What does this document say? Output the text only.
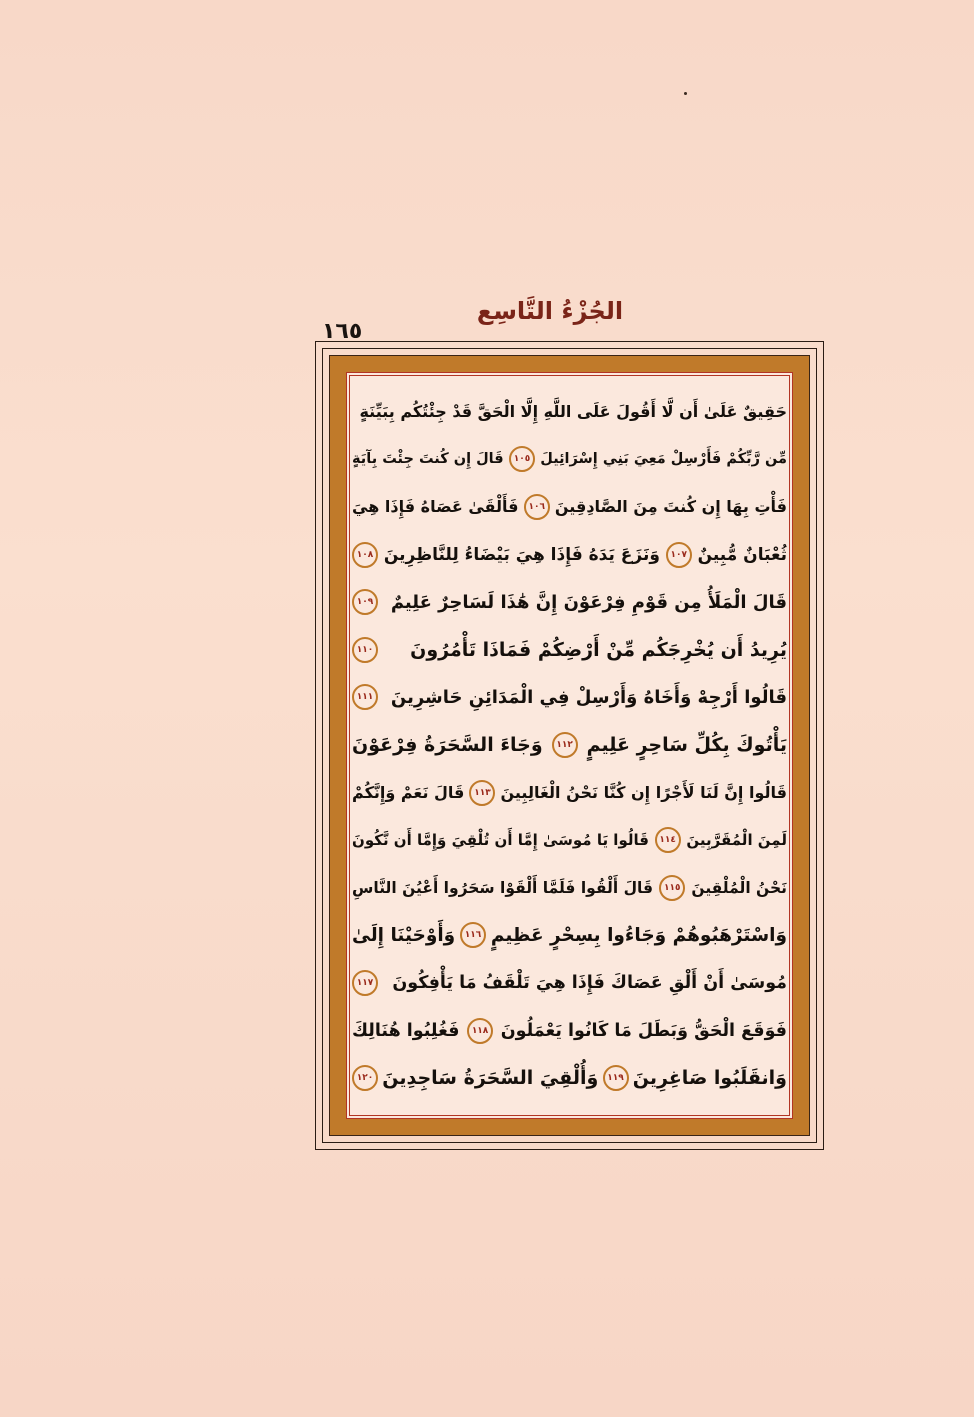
الجُزْءُ التَّاسِع
١٦٥
حَقِيقٌ عَلَىٰ أَن لَّا أَقُولَ عَلَى اللَّهِ إِلَّا الْحَقَّ قَدْ جِئْتُكُم بِبَيِّنَةٍ
مِّن رَّبِّكُمْ فَأَرْسِلْ مَعِيَ بَنِي إِسْرَائِيلَ
١٠٥
قَالَ إِن كُنتَ جِئْتَ بِآيَةٍ
فَأْتِ بِهَا إِن كُنتَ مِنَ الصَّادِقِينَ
١٠٦
فَأَلْقَىٰ عَصَاهُ فَإِذَا هِيَ
ثُعْبَانٌ مُّبِينٌ
١٠٧
وَنَزَعَ يَدَهُ فَإِذَا هِيَ بَيْضَاءُ لِلنَّاظِرِينَ
١٠٨
قَالَ الْمَلَأُ مِن قَوْمِ فِرْعَوْنَ إِنَّ هَٰذَا لَسَاحِرٌ عَلِيمٌ
١٠٩
يُرِيدُ أَن يُخْرِجَكُم مِّنْ أَرْضِكُمْ فَمَاذَا تَأْمُرُونَ
١١٠
قَالُوا أَرْجِهْ وَأَخَاهُ وَأَرْسِلْ فِي الْمَدَائِنِ حَاشِرِينَ
١١١
يَأْتُوكَ بِكُلِّ سَاحِرٍ عَلِيمٍ
١١٢
وَجَاءَ السَّحَرَةُ فِرْعَوْنَ
قَالُوا إِنَّ لَنَا لَأَجْرًا إِن كُنَّا نَحْنُ الْغَالِبِينَ
١١٣
قَالَ نَعَمْ وَإِنَّكُمْ
لَمِنَ الْمُقَرَّبِينَ
١١٤
قَالُوا يَا مُوسَىٰ إِمَّا أَن تُلْقِيَ وَإِمَّا أَن نَّكُونَ
نَحْنُ الْمُلْقِينَ
١١٥
قَالَ أَلْقُوا فَلَمَّا أَلْقَوْا سَحَرُوا أَعْيُنَ النَّاسِ
وَاسْتَرْهَبُوهُمْ وَجَاءُوا بِسِحْرٍ عَظِيمٍ
١١٦
وَأَوْحَيْنَا إِلَىٰ
مُوسَىٰ أَنْ أَلْقِ عَصَاكَ فَإِذَا هِيَ تَلْقَفُ مَا يَأْفِكُونَ
١١٧
فَوَقَعَ الْحَقُّ وَبَطَلَ مَا كَانُوا يَعْمَلُونَ
١١٨
فَغُلِبُوا هُنَالِكَ
وَانقَلَبُوا صَاغِرِينَ
١١٩
وَأُلْقِيَ السَّحَرَةُ سَاجِدِينَ
١٢٠
